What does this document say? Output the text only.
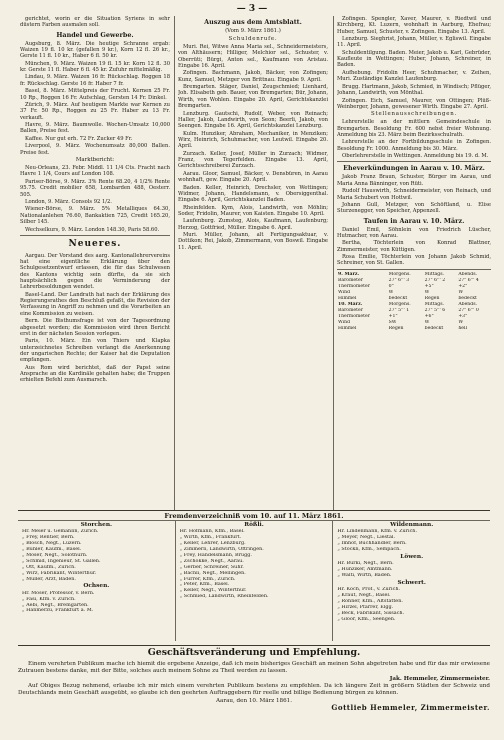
— 3 —

gerichtet, worin er die Situation Syriens in sehr düstern Farben ausmalen soll.

Handel und Gewerbe.

Augsburg, 8. März. Die heutige Schranne ergab: Waizen 19 fl. 10 kr. (gefallen 9 kr.), Korn 12 fl. 26 kr., Gerste 11 fl. 10 kr., Haber 6 fl. 50 kr.

München, 9. März. Waizen 19 fl. 15 kr. Korn 12 fl. 30 kr. Gerste 11 fl. Haber 6 fl. 45 kr. Zufuhr mittelmäßig.

Lindau, 9. März. Waizen 16 fr. Rückschlag. Roggen 18 fr. Rückschlag. Gerste 16 fr. Haber 7 fr.

Basel, 8. März. Mittelpreis der Frucht. Kernen 25 Fr. 10 Rp., Roggen 16 Fr. Aufschlag, Gersten 14 Fr. Dinkel.

Zürich, 9. März. Auf heutigem Markte war Kernen zu 37 Fr. 50 Rp., Roggen zu 25 Fr. Haber zu 13 Fr. verkauft.

Havre, 9. März. Baumwolle. Wochen-Umsatz 10,000 Ballen, Preise fest.

Kaffee. Nur gut erh. 72 Fr. Zucker 49 Fr.

Liverpool, 9. März. Wochenumsatz 80,000 Ballen. Preise fest.

Marktbericht:

Neu-Orleans, 23. Febr. Middl. 11 1/4 Cts. Fracht nach Havre 1 1/4, Cours auf London 108.

Pariser-Börse, 9. März. 3% Rente 68.20, 4 1/2% Rente 95.75. Credit mobilier 658, Lombarden 488, Oesterr. 505.

London, 9. März. Consols 92 1/2.

Wiener-Börse, 9. März. 5% Metalliques 64.30, Nationalanlehen 76.60, Bankaktien 725, Credit 165.20, Silber 145.

Wechselkurs, 9. März. London 148.30, Paris 58.60.

Neueres.

Aargau. Der Vorstand des aarg. Kantonallehrervereins hat eine eigentliche Erklärung über den Schulgesetzentwurf erlassen, die für das Schulwesen des Kantons wichtig sein dürfte, da sie sich hauptsächlich gegen die Verminderung der Lehrerbesoldungen wendet.

Basel-Land. Der Landrath hat nach der Erklärung des Regierungsrathes den Beschluß gefaßt, die Revision der Verfassung in Angriff zu nehmen und die Vorarbeiten an eine Kommission zu weisen.

Bern. Die Bisthumsfrage ist von der Tagesordnung abgesetzt worden; die Kommission wird ihren Bericht erst in der nächsten Session vorlegen.

Paris, 10. März. Ein von Thiers und Klapka unterzeichnetes Schreiben verlangt die Anerkennung der ungarischen Rechte; der Kaiser hat die Deputation empfangen.

Aus Rom wird berichtet, daß der Papst seine Ansprache an die Kardinäle gehalten habe; die Truppen erhielten Befehl zum Ausmarsch.

Auszug aus dem Amtsblatt.
(Vom 9. März 1861.)
Schuldenrufe.

Muri. Rei, Witwe Anna Maria sel., Schneidermeisters, von Althäusern; Hilliger, Melchior sel., Schuster, v. Oberrüti; Bürgi, Anton sel., Kaufmann von Aristau. Eingabe 16. April.

Zofingen. Bachmann, Jakob, Bäcker, von Zofingen; Kunz, Samuel, Metzger von Brittnau. Eingabe 9. April.

Bremgarten. Stäger, Daniel, Zeugschmied; Lienhard, Joh. Elisabeth geb. Bauer, von Bremgarten; Bür, Johann, Wirth, von Wohlen. Eingabe 20. April, Gerichtskanzlei Bremgarten.

Lenzburg. Gautschi, Rudolf, Weber, von Reinach; Haller, Jakob, Landwirth, von Seon; Beerli, Jakob, von Seengen. Eingabe 16. April, Gerichtskanzlei Lenzburg.

Kulm. Hunziker, Abraham, Mechaniker, in Menziken; Wirz, Heinrich, Schuhmacher, von Leutwil. Eingabe 20. April.

Zurzach. Keller, Josef, Müller in Zurzach; Widmer, Franz, von Tegerfelden. Eingabe 13. April, Gerichtsschreiberei Zurzach.

Aarau. Gloor, Samuel, Bäcker, v. Densbüren, in Aarau wohnhaft, gew. Eingabe 20. April.

Baden. Keller, Heinrich, Drechsler, von Wettingen; Widmer, Johann, Handelsmann, v. Obersiggenthal. Eingabe 6. April, Gerichtskanzlei Baden.

Rheinfelden. Kym, Alois, Landwirth, von Möhlin; Soder, Fridolin, Maurer, von Kaisten. Eingabe 10. April.

Laufenburg. Zumsteg, Alois, Kaufmann, Laufenburg; Herzog, Gottfried, Müller. Eingabe 6. April.

Muri. Müller, Johann, alt Fertigungsaktuar, v. Dottikon; Rei, Jakob, Zimmermann, von Boswil. Eingabe 11. April.

Zofingen. Spengler, Xaver, Maurer, v. Riedtwil und Kirchberg, Kt. Luzern, wohnhaft in Aarburg, Ehefrau; Huber, Samuel, Schuster, v. Zofingen. Eingabe 13. April.

Lenzburg. Sieghrist, Johann, Müller, v. Egliswil. Eingabe 11. April.

Schuldentilgung. Baden. Meier, Jakob u. Karl, Gebrüder, Kaufleute in Wettingen; Huber, Johann, Schreiner, in Baden.

Aufhebung. Fridolin Heer, Schuhmacher, v. Zeihen, Muri. Zuständige Kanzlei Laufenburg.

Brugg. Hartmann, Jakob, Schmied, in Windisch; Pflüger, Johann, Landwirth, von Mönthal.

Zofingen. Eich, Samuel, Maurer, von Ottingen; Plüß-Weinberger, Johann, gewesener Wirth. Eingabe 27. April.

Stellenausschreibungen.

Lehrerstelle an der mittlern Gemeindeschule in Bremgarten. Besoldung Fr. 600 nebst freier Wohnung. Anmeldung bis 23. März beim Bezirksschulrath.

Lehrerstelle an der Fortbildungsschule in Zofingen. Besoldung Fr. 1000. Anmeldung bis 30. März.

Oberlehrerstelle in Wettingen. Anmeldung bis 19. d. M.

Eheverkündungen in Aarau v. 10. März.

Jakob Franz Braun, Schuster, Bürger im Aarau, und Maria Anna Bänninger, von Rüti.

Rudolf Hauswirth, Schneidermeister, von Reinach, und Maria Schubert von Hottwil.

Johann Gull, Metzger, von Schöftland, u. Elise Sturzenegger, von Speicher, Appenzell.

Taufen in Aarau v. 10. März.

Daniel Emil, Söhnlein von Friedrich Lüscher, Hutmacher, von Aarau.

Bertha, Töchterlein von Konrad Blattner, Zimmermeister, von Küttigen.

Rosa Emilie, Töchterlein von Johann Jakob Schmid, Schreiner, von St. Gallen.

9. März.	Morgens.	Mittags.	Abends.
Barometer	27" 6''' 3	27" 6''' 2	27" 6''' 4
Thermometer	0°	+5°	+2°
Wind	W	W	W
Himmel	bedeckt	Regen	bedeckt
10. März.	Morgens.	Mittags.	Abends.
Barometer	27" 5''' 1	27" 5''' 6	27" 6''' 0
Thermometer	+1°	+6°	+3°
Wind	SW	W	W
Himmel	Regen	bedeckt	hell
Fremdenverzeichniß vom 10. auf 11. März 1861.
Storchen.
Hr. Meier u. Gemahlin, Zürich.
„ Frey, Rentier, Bern.
„ Blösch, Negt., Luzern.
„ Bühler, Kaufm., Basel.
„ Moser, Negt., Solothurn.
„ Schmid, Ingenieur, St. Gallen.
„ Ott, Kaufm., Zürich.
„ Wirz, Fabrikant, Winterthur.
„ Müller, Arzt, Baden.
Ochsen.
Hr. Moser, Professor, v. Bern.
„ Fäsi, Kfm. v. Zürich.
„ Aebi, Negt., Bremgarten.
„ Hanmerzu, Frankfurt a. M.
Rößli.
Hr. Hofmann, Kfm., Basel.
„ Wirth, Kfm., Frankfurt.
„ Keller, Lehrer, Lenzburg.
„ Zimmerli, Landwirth, Oftringen.
„ Frey, Handelsmann, Brugg.
„ Zschokke, Negt., Aarau.
„ Gerber, Schreiner, Suhr.
„ Bächli, Negt., Mellingen.
„ Furrer, Kfm., Zürich.
„ Peter, Kfm., Basel.
„ Keller, Negt., Winterthur.
„ Schmied, Landwirth, Rheinfelden.
Wildenmann.
Hr. Lindenmann, Kfm. v. Zürich.
„ Meyer, Negt., Liestal.
„ Imhof, Buchhändler, Bern.
„ Stöckli, Kfm., Sempach.
Löwen.
Hr. Bürki, Negt., Bern.
„ Hunziker, Amtmann.
„ Wälti, Wirth, Baden.
Schwert.
Hr. Koch, Prof., v. Zürich.
„ Kraut, Negt., Basel.
„ Rohner, Kfm., Altstätten.
„ Hirzel, Pfarrer, Elgg.
„ Beck, Fabrikant, Sissach.
„ Gloor, Kfm., Seengen.
Geschäftsveränderung und Empfehlung.

Einem verehrten Publikum mache ich hiemit die ergebene Anzeige, daß ich mein bisheriges Geschäft an meinen Sohn abgetreten habe und für das mir erwiesene Zutrauen bestens danke, mit der Bitte, solches auch meinem Sohne zu Theil werden zu lassen.

Jak. Hemmeler, Zimmermeister.

Auf Obiges Bezug nehmend, erlaube ich mir mich einem verehrten Publikum bestens zu empfehlen. Da ich längere Zeit in größern Städten der Schweiz und Deutschlands mein Geschäft ausgeübt, so glaube ich den geehrten Auftraggebern für reelle und billige Bedienung bürgen zu können.

Aarau, den 10. März 1861.
Gottlieb Hemmeler, Zimmermeister.
